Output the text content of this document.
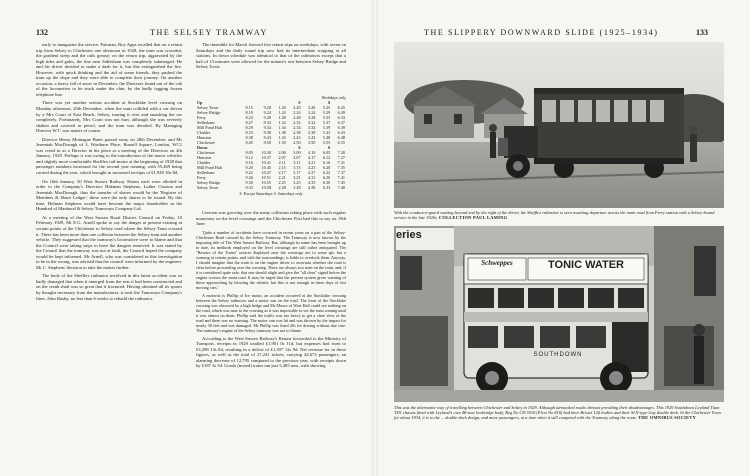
132	THE SELSEY TRAMWAY

early to inaugurate the service. Fairman, Roy Apps recalled that on a return trip from Selsey to Chichester one afternoon in 1928, the tram was crowded, the gradient steep and the rails greasy; on the return trip, aggravated by the high tides and gales, the line near Sidlesham was completely submerged. He and his driver decided to make a dash for it, but this extinguished the fire. However, with quick thinking and the aid of some friends, they pushed the tram up the slope and they were able to complete their journey. On another occasion, a heavy fall of snow in December, the Directors found out of the cab of the locomotive to be stuck under the chin, by the badly tagging frozen telephone line.

There was yet another serious accident at Stocklake level crossing on Monday afternoon, 20th December, when the tram collided with a car driven by a Mrs Court of East Beach, Selsey, turning it over and smashing the car completely. Fortunately, Mrs Court was not hurt, although she was severely shaken and covered in petrol, and the tram was derailed. By Managing Director W.T. was matter of course.

Director Henry Montague Bates passed away on 28th December, and Mr Jeremiah MacDonagh of 3, Worthurn Place, Russell Square, London, WC1 was voted in as a Director in his place at a meeting of the Directors on 4th January, 1929. Perhaps it was owing to the introduction of the motor vehicles and slightly more comfortable Shefflex rail-motor at the beginning of 1928 that passenger numbers increased for the second year running, with 55,469 being carried during the year, which brought in increased receipts of £1,949 16s 8d.

On 16th January, 50 West Sussex Railway Shares each were allotted in order to the Company's Directors Hakman Stephens, Luther Claxton and Jeremiah MacDonagh, thus the transfer of shares would be the 'Register of Members & Share Ledger', these were the only shares to be issued. By this time, Holman Stephens would have become the major shareholder in the Hundred of Manhood & Selsey Tramways Company Ltd.

At a meeting of the West Sussex Rural District Council on Friday, 10 February 1929, Mr E.G. Arnell spoke to say the danger at present existing at certain points of the Chichester to Selsey road where the Selsey Tram crossed it. There has been more than one collision between the Selsey tram and another vehicle. They suggested that the tramway's locomotive were to blame and that the Council were taking steps to have the dangers removed. It was stated by the Council that the tramway was not at fault, the Council hoped the company would be kept informed. Mr Arnell, who was considered in this investigation to be in the wrong, was advised that the council were informed by the engineer. Mr C. Stephens' decision to take the matter further.

The body of the Shefflex railmotor involved in this latest accident was so badly damaged that when it emerged from the rear it had been constructed and on the crank shaft was so great that it fractured. Having obtained all its spares by thought necessary from the manufacturer, it took the Tramways Company's fitter, John Busby, no less than 6 weeks to rebuild the railmotor.

The timetable for March showed five return trips on weekdays, with seven on Saturdays and the daily round trip now had its intermediate stopping at all stations. In down schedule was identical to that of the railmotors except that a halt of 13 minutes were allowed for the minute's rest between Selsey Bridge and Selsey Town.

Weekdays only
Up				S		S	
Selsey Town	8.15	9.20	1.20	2.20	3.20	5.25	6.25
Selsey Bridge	8.19	9.24	1.24	2.24	3.24	5.29	6.29
Ferry	8.23	9.28	1.28	2.28	3.28	5.33	6.33
Sidlesham	8.27	9.32	1.32	2.32	3.32	5.37	6.37
Mill Pond Halt	8.29	9.34	1.34	2.34	3.34	5.39	6.39
Chalder	8.33	9.38	1.38	2.38	3.38	5.43	6.43
Hunston	8.38	9.43	1.43	2.43	3.43	5.48	6.48
Chichester	8.45	9.50	1.50	2.50	3.50	5.55	6.55
Down				S		S	
Chichester	9.05	10.30	2.00	3.00	4.10	6.05	7.20
Hunston	9.12	10.37	2.07	3.07	4.17	6.12	7.27
Chalder	9.16	10.41	2.11	3.11	4.21	6.16	7.31
Mill Pond Halt	9.20	10.45	2.15	3.15	4.25	6.20	7.35
Sidlesham	9.22	10.47	2.17	3.17	4.27	6.22	7.37
Ferry	9.26	10.51	2.21	3.21	4.31	6.26	7.41
Selsey Bridge	9.30	10.55	2.25	3.25	4.35	6.30	7.45
Selsey Town	9.33	10.58	2.28	3.28	4.38	6.33	7.48
S. Except Saturdays S. Saturdays only

Concern was growing over the many collisions taking place with such regular monotony on the level crossings and the Chichester Post had this to say on 19th June:

'Quite a number of accidents have occurred in recent years on a part of the Selsey-Chichester Road crossed by the Selsey Tramway. The Tramway is now known by the imposing title of The West Sussex Railway. But, although its name has been brought up to date, its methods employed on the level crossings are still rather antiquated. The "Beware of the Trains" notices displayed near the crossings are to some apt, but a warning at certain points, and with the surroundings, is liable to overlook them. Anyway, I should imagine that the train is on the engine driver to ascertain whether the road is clear before proceeding over the crossing. There are always two men on the train, and, if it is considered quite safe, that one should alight and give the "all clear" signal before the engine crosses the main road. It may be urged that the present system gives warning of those approaching by blowing the whistle, but this is not enough in these days of fast moving cars.'

A motorist is Phillip of Ice motor, an accident occurred at the Stocklake crossing between the Selsey railmotor and a motor van on the road. The front of the Stocklake crossing was obscured by a high hedge and Mr Moore of West Hall could see nothing on the road, which was near to the crossing as it was impossible to see the train coming until it was almost on them. Phillip said the traffic was too heavy to get a clear view of the road and there was no warning. The motor van was hit and was thrown by the impact for nearly 30 feet and was damaged. Mr Phillip was fined 20s for driving without due care. The tramway's engine of the Selsey tramway was not to blame.

According to the West Sussex Railway's Return forwarded to the Ministry of Transport, receipts in 1929 totalled £1,901 0s 11d, but expenses had risen to £3,298 13s 8d, resulting in a deficit of £1,397 12s 9d. Net revenue for in these figures, as well as the total of 27,241 tickets, carrying 42,674 passengers, an alarming decrease of 12,795 compared to the previous year, with receipts down by £187 3s 5d. Goods (mixed) trains ran just 5,485 tons, with showing

THE SLIPPERY DOWNWARD SLIDE (1925–1934)	133
With the conductor-guard waiting beyond and by the right of the driver, the Shefflex railmotor is seen awaiting departure across the main road from Ferry station with a Selsey-bound service in the late 1920s. COLLECTION PAUL LAMING
eries
Schweppes	TONIC WATER
SOUTHDOWN
This was the alternative way of travelling between Chichester and Selsey in 1929. Although tarmacked roads obvious providing their disadvantages. This 1929 Southdown Leyland Titan TD1 chassis fitted with Leyland's own 48-seat lowbridge body, Reg No CD 5516 (Fleet No 816) had their Bristol 12ft bodies and their SLN-type Guy double deck. In the Chichester Town for about 1934, it is to the ... double-deck design, and more passengers, at a time when it still competed with the Tramway along the route. THE OMNIBUS SOCIETY
